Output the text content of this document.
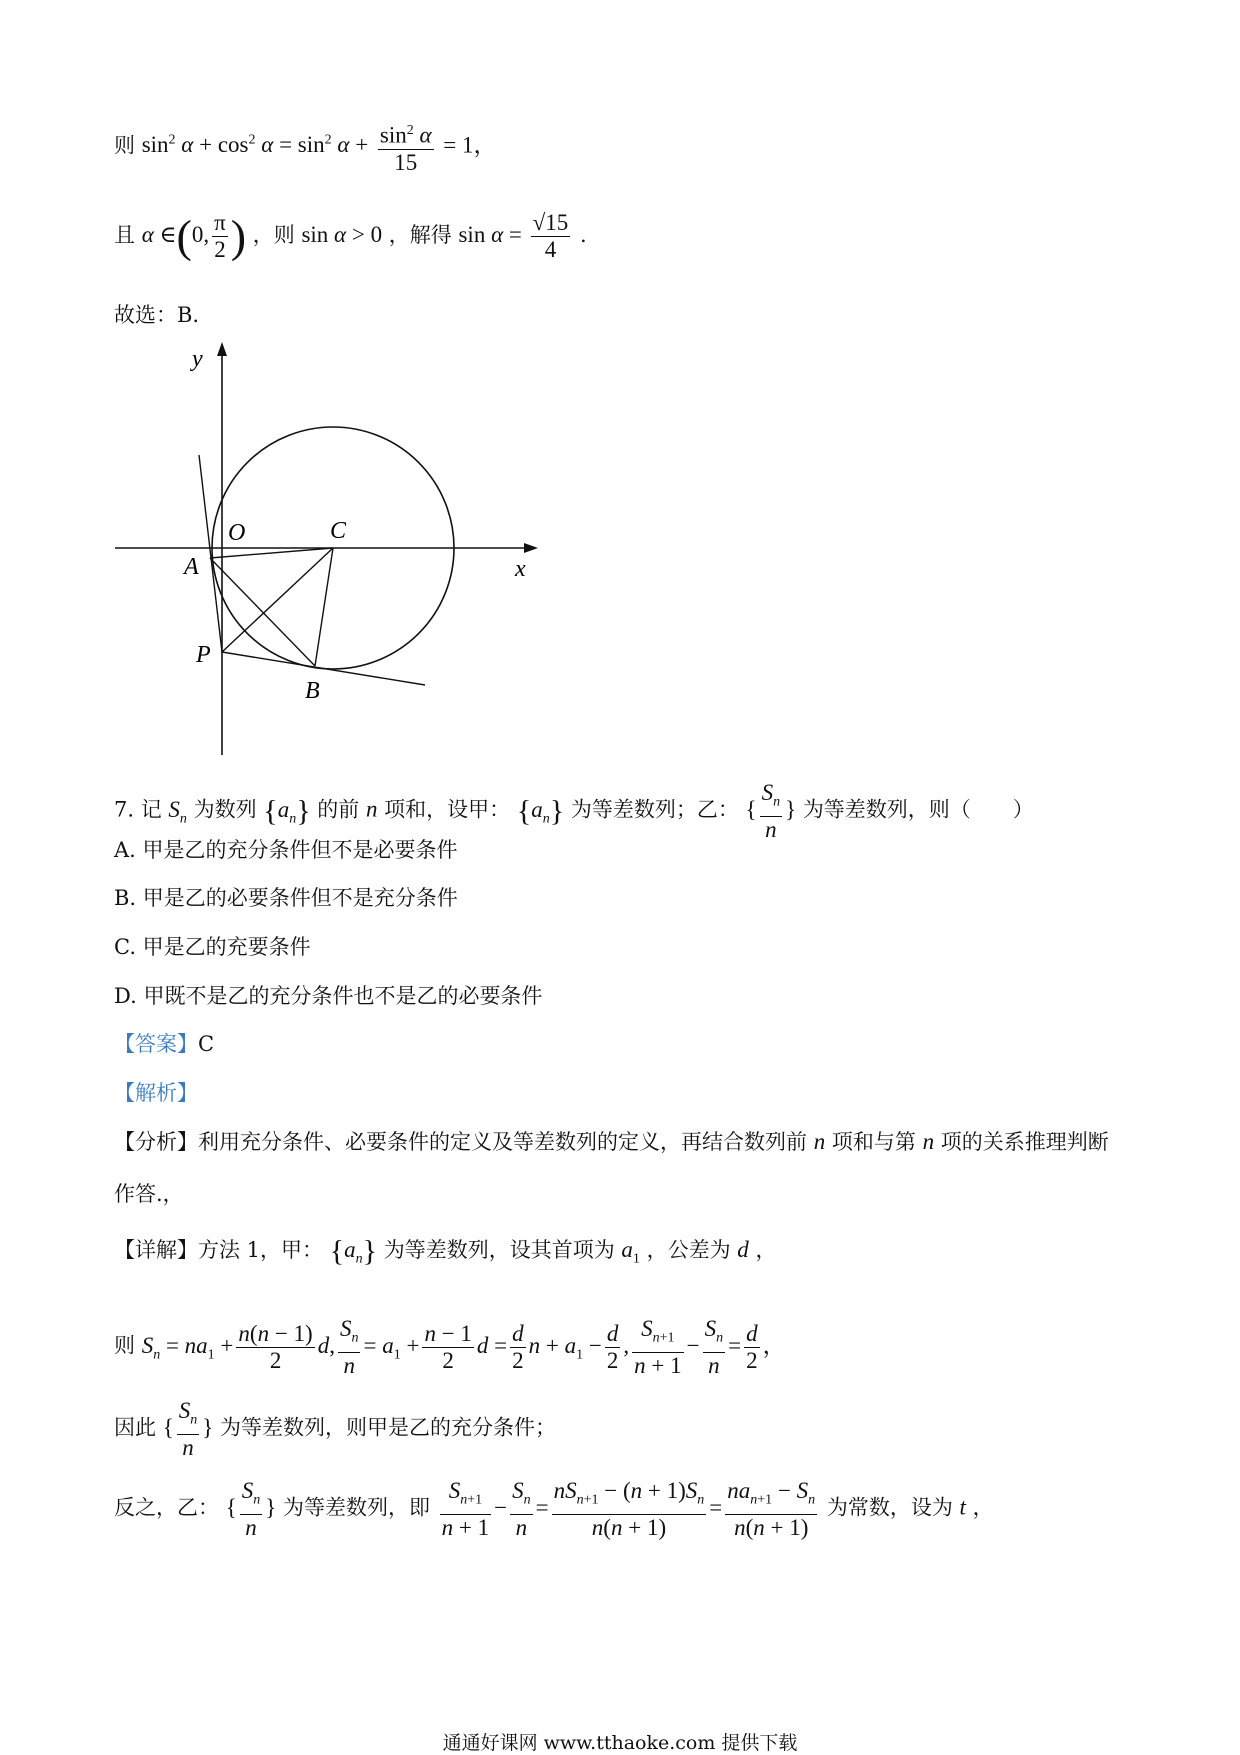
则 $\sin^2 \alpha + \cos^2 \alpha = \sin^2 \alpha + \frac{\sin^2 \alpha}{15} = 1$，
且 α ∈(0, $\frac{\pi}{2}$ ) ，则 sin α > 0 ，解得 $\sin \alpha = \frac{√15}{4}$ .
故选：B.
y
x
O	C
A
P
B
7. 记 $S_n$ 为数列 $\{a_n\}$ 的前 n 项和，设甲： $\{a_n\}$ 为等差数列；乙： { $\frac{S_n}{n}$ } 为等差数列，则（　　）
A. 甲是乙的充分条件但不是必要条件
B. 甲是乙的必要条件但不是充分条件
C. 甲是乙的充要条件
D. 甲既不是乙的充分条件也不是乙的必要条件
【答案】C
【解析】
【分析】利用充分条件、必要条件的定义及等差数列的定义，再结合数列前 n 项和与第 n 项的关系推理判断
作答.，
【详解】方法 1，甲： $\{a_n\}$ 为等差数列，设其首项为 $a_1$ ，公差为 d ，
则 $S_n = na_1 + \frac{n(n - 1)}{2} d$, $\frac{S_n}{n} = a_1 + \frac{n - 1}{2}$ $d = \frac{d}{2}$ $n + a_1 - \frac{d}{2}$ , $\frac{S_{n+1}}{n + 1} - \frac{S_n}{n} = \frac{d}{2}$ ，
因此 { $\frac{S_n}{n}$ } 为等差数列，则甲是乙的充分条件；
反之，乙： { $\frac{S_n}{n}$ } 为等差数列，即 $\frac{S_{n+1}}{n + 1} - \frac{S_n}{n} = \frac{nS_{n+1} - (n + 1)S_n}{n(n + 1)} = \frac{na_{n+1} - S_n}{n(n + 1)}$ 为常数，设为 t ，
通通好课网 www.tthaoke.com 提供下载
